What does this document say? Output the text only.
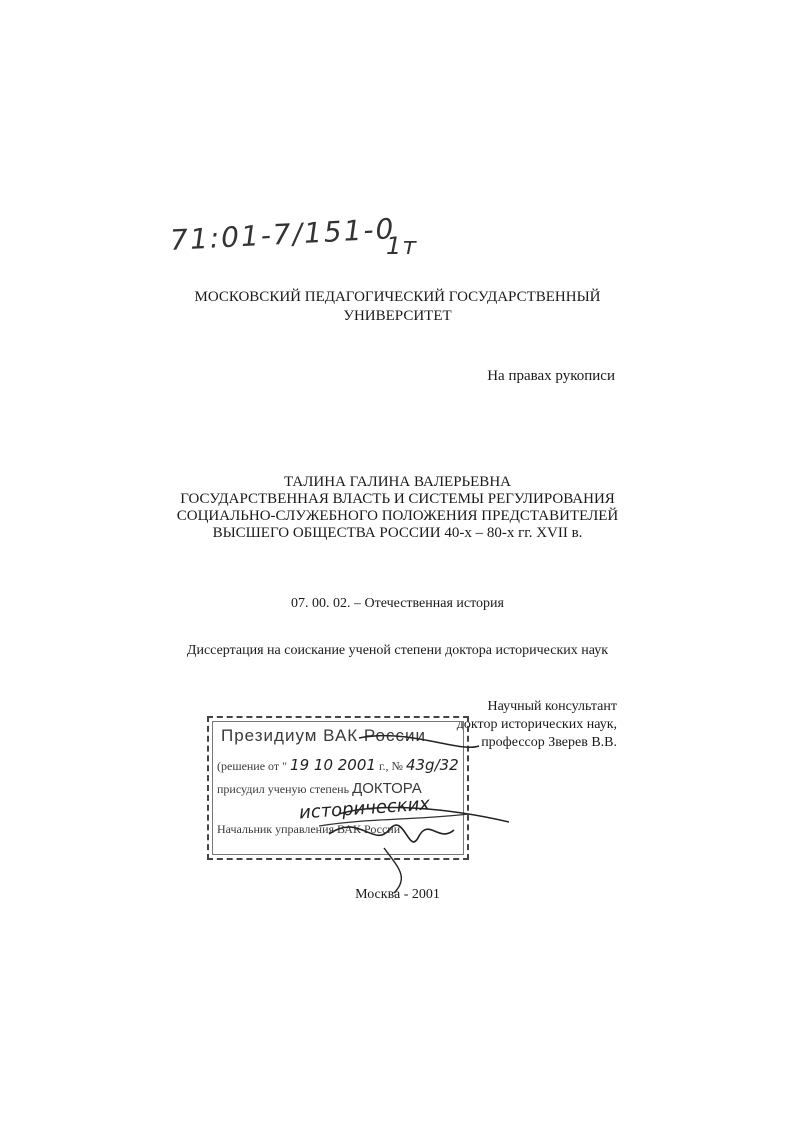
71:01-7/151-0
1т
МОСКОВСКИЙ ПЕДАГОГИЧЕСКИЙ ГОСУДАРСТВЕННЫЙ
УНИВЕРСИТЕТ
На правах рукописи
ТАЛИНА ГАЛИНА ВАЛЕРЬЕВНА
ГОСУДАРСТВЕННАЯ ВЛАСТЬ И СИСТЕМЫ РЕГУЛИРОВАНИЯ
СОЦИАЛЬНО-СЛУЖЕБНОГО ПОЛОЖЕНИЯ ПРЕДСТАВИТЕЛЕЙ
ВЫСШЕГО ОБЩЕСТВА РОССИИ 40-х – 80-х гг. XVII в.
07. 00. 02. – Отечественная история
Диссертация на соискание ученой степени доктора исторических наук
Научный консультант
доктор исторических наук,
профессор Зверев В.В.
Президиум ВАК России
(решение от " 19 10 2001 г., № 43g/32
присудил ученую степень ДОКТОРА
исторических
Начальник управления ВАК России
Москва - 2001
